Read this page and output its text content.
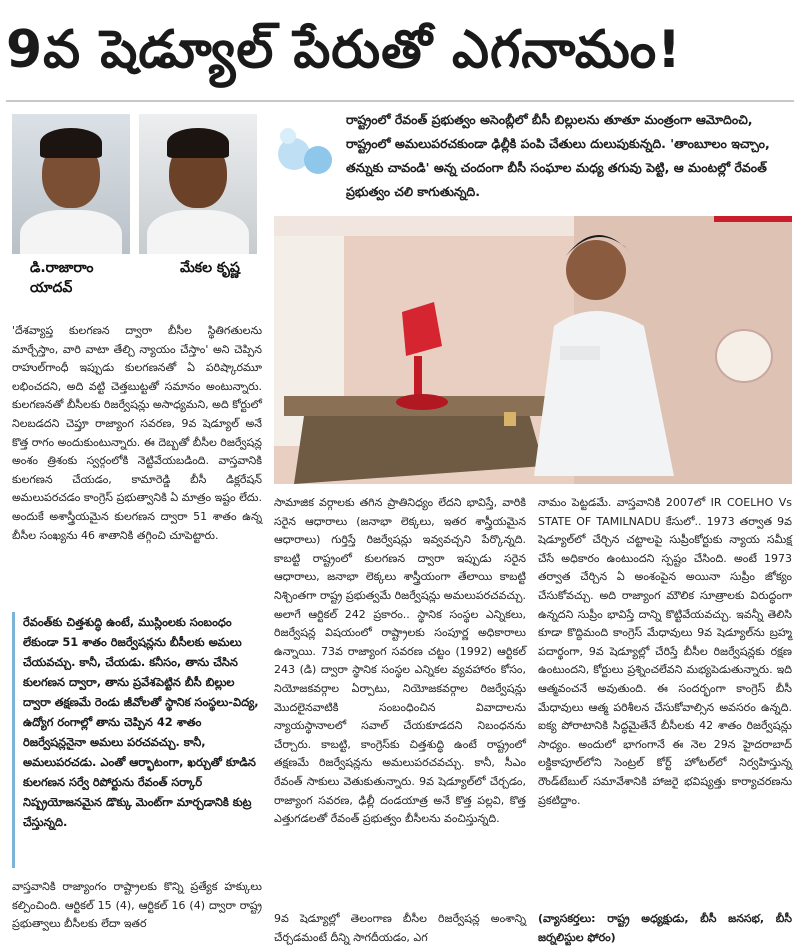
9వ షెడ్యూల్ పేరుతో ఎగనామం!
డి.రాజారాం యాదవ్
మేకల కృష్ణ
రాష్ట్రంలో రేవంత్ ప్రభుత్వం అసెంబ్లీలో బీసీ బిల్లులను తూతూ మంత్రంగా ఆమోదించి, రాష్ట్రంలో అమలుపరచకుండా ఢిల్లీకి పంపి చేతులు దులుపుకున్నది. 'తాంబూలం ఇచ్చాం, తన్నుకు చావండి' అన్న చందంగా బీసీ సంఘాల మధ్య తగువు పెట్టి, ఆ మంటల్లో రేవంత్ ప్రభుత్వం చలి కాగుతున్నది.
'దేశవ్యాప్త కులగణన ద్వారా బీసీల స్థితిగతులను మార్చేస్తాం, వారి వాటా తేల్చి న్యాయం చేస్తాం' అని చెప్పిన రాహుల్‌గాంధీ ఇప్పుడు కులగణనతో ఏ పరిష్కారమూ లభించదని, అది వట్టి చెత్తబుట్టతో సమానం అంటున్నారు. కులగణనతో బీసీలకు రిజర్వేషన్లు అసాధ్యమని, అది కోర్టులో నిలబడదని చెప్తూ రాజ్యాంగ సవరణ, 9వ షెడ్యూల్ అనే కొత్త రాగం అందుకుంటున్నారు. ఈ దెబ్బతో బీసీల రిజర్వేషన్ల అంశం త్రిశంకు స్వర్గంలోకి నెట్టివేయబడింది. వాస్తవానికి కులగణన చేయడం, కామారెడ్డి బీసీ డిక్లరేషన్ అమలుపరచడం కాంగ్రెస్ ప్రభుత్వానికి ఏ మాత్రం ఇష్టం లేదు. అందుకే అశాస్త్రీయమైన కులగణన ద్వారా 51 శాతం ఉన్న బీసీల సంఖ్యను 46 శాతానికి తగ్గించి చూపెట్టారు.
రేవంత్‌కు చిత్తశుద్ధి ఉంటే, ముస్లింలకు సంబంధం లేకుండా 51 శాతం రిజర్వేషన్లను బీసీలకు అమలు చేయవచ్చు. కానీ, చేయడు. కనీసం, తాను చేసిన కులగణన ద్వారా, తాను ప్రవేశపెట్టిన బీసీ బిల్లుల ద్వారా తక్షణమే రెండు జీవోలతో స్థానిక సంస్థలు-విద్య, ఉద్యోగ రంగాల్లో తాను చెప్పిన 42 శాతం రిజర్వేషన్లనైనా అమలు పరచవచ్చు. కానీ, అమలుపరచడు. ఎంతో ఆర్భాటంగా, ఖర్చుతో కూడిన కులగణన సర్వే రిపోర్టును రేవంత్ సర్కార్ నిష్ప్రయోజనమైన డొక్కు మెంట్‌గా మార్చడానికి కుట్ర చేస్తున్నది.
వాస్తవానికి రాజ్యాంగం రాష్ట్రాలకు కొన్ని ప్రత్యేక హక్కులు కల్పించింది. ఆర్టికల్ 15 (4), ఆర్టికల్ 16 (4) ద్వారా రాష్ట్ర ప్రభుత్వాలు బీసీలకు లేదా ఇతర
సామాజిక వర్గాలకు తగిన ప్రాతినిధ్యం లేదని భావిస్తే, వారికి సరైన ఆధారాలు (జనాభా లెక్కలు, ఇతర శాస్త్రీయమైన ఆధారాలు) గుర్తిస్తే రిజర్వేషన్లు ఇవ్వవచ్చని పేర్కొన్నది. కాబట్టి రాష్ట్రంలో కులగణన ద్వారా ఇప్పుడు సరైన ఆధారాలు, జనాభా లెక్కలు శాస్త్రీయంగా తేలాయి కాబట్టి నిశ్చింతగా రాష్ట్ర ప్రభుత్వమే రిజర్వేషన్లు అమలుపరచవచ్చు. అలాగే ఆర్టికల్ 242 ప్రకారం.. స్థానిక సంస్థల ఎన్నికలు, రిజర్వేషన్ల విషయంలో రాష్ట్రాలకు సంపూర్ణ అధికారాలు ఉన్నాయి. 73వ రాజ్యాంగ సవరణ చట్టం (1992) ఆర్టికల్ 243 (డి) ద్వారా స్థానిక సంస్థల ఎన్నికల వ్యవహారం కోసం, నియోజకవర్గాల ఏర్పాటు, నియోజకవర్గాల రిజర్వేషన్లు మొదలైనవాటికి సంబంధించిన వివాదాలను న్యాయస్థానాలలో సవాల్ చేయకూడదని నిబంధనను చేర్చారు. కాబట్టి, కాంగ్రెస్‌కు చిత్తశుద్ధి ఉంటే రాష్ట్రంలో తక్షణమే రిజర్వేషన్లను అమలుపరచవచ్చు. కానీ, సీఎం రేవంత్ సాకులు వెతుకుతున్నారు. 9వ షెడ్యూల్‌లో చేర్చడం, రాజ్యాంగ సవరణ, ఢిల్లీ దండయాత్ర అనే కొత్త పల్లవి, కొత్త ఎత్తుగడలతో రేవంత్ ప్రభుత్వం బీసీలను వంచిస్తున్నది.
9వ షెడ్యూల్లో తెలంగాణ బీసీల రిజర్వేషన్ల అంశాన్ని చేర్చడమంటే దీన్ని సాగదీయడం, ఎగ
నామం పెట్టడమే. వాస్తవానికి 2007లో IR COELHO Vs STATE OF TAMILNADU కేసులో.. 1973 తర్వాత 9వ షెడ్యూల్‌లో చేర్చిన చట్టాలపై సుప్రీంకోర్టుకు న్యాయ సమీక్ష చేసే అధికారం ఉంటుందని స్పష్టం చేసింది. అంటే 1973 తర్వాత చేర్చిన ఏ అంశంపైన అయినా సుప్రీం జోక్యం చేసుకోవచ్చు. అది రాజ్యాంగ మౌలిక సూత్రాలకు విరుద్ధంగా ఉన్నదని సుప్రీం భావిస్తే దాన్ని కొట్టివేయవచ్చు. ఇవన్నీ తెలిసి కూడా కొద్దిమంది కాంగ్రెస్ మేధావులు 9వ షెడ్యూల్‌ను బ్రహ్మ పదార్థంగా, 9వ షెడ్యూల్లో చేరిస్తే బీసీల రిజర్వేషన్లకు రక్షణ ఉంటుందని, కోర్టులు ప్రశ్నించలేవని మభ్యపెడుతున్నారు. ఇది ఆత్మవంచనే అవుతుంది. ఈ సందర్భంగా కాంగ్రెస్ బీసీ మేధావులు ఆత్మ పరిశీలన చేసుకోవాల్సిన అవసరం ఉన్నది. ఐక్య పోరాటానికి సిద్ధమైతేనే బీసీలకు 42 శాతం రిజర్వేషన్లు సాధ్యం. అందులో భాగంగానే ఈ నెల 29న హైదరాబాద్ లక్డికాపూల్‌లోని సెంట్రల్ కోర్ట్ హోటల్‌లో నిర్వహిస్తున్న రౌండ్‌టేబుల్ సమావేశానికి హాజరై భవిష్యత్తు కార్యాచరణను ప్రకటిద్దాం.
(వ్యాసకర్తలు: రాష్ట్ర అధ్యక్షుడు, బీసీ జనసభ, బీసీ జర్నలిస్టుల ఫోరం)
